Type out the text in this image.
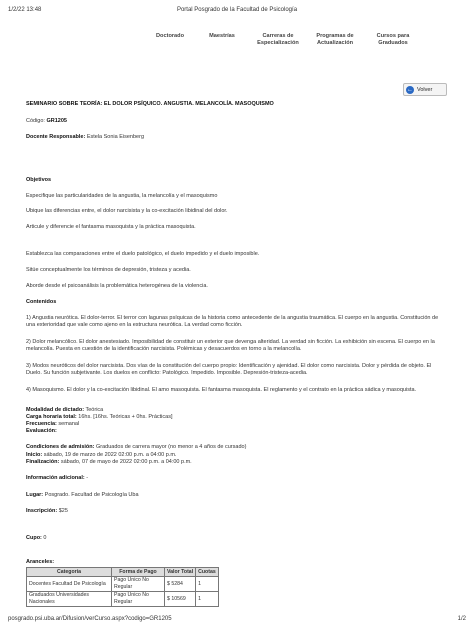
1/2/22 13:48	Portal Posgrado de la Facultad de Psicología
Doctorado	Maestrías	Carreras de Especialización
Programas de Actualización
Cursos para Graduados
← Volver
SEMINARIO SOBRE TEORÍA: EL DOLOR PSÍQUICO. ANGUSTIA. MELANCOLÍA. MASOQUISMO
Código: GR1205
Docente Responsable: Estela Sonia Eisenberg
Objetivos

Especifique las particularidades de la angustia, la melancolía y el masoquismo

Ubique las diferencias entre, el dolor narcisista y la co-excitación libidinal del dolor.

Articule y diferencie el fantasma masoquista y la práctica masoquista.

Establezca las comparaciones entre el duelo patológico, el duelo impedido y el duelo imposible.

Sitúe conceptualmente los términos de depresión, tristeza y acedia.

Aborde desde el psicoanálisis la problemática heterogénea de la violencia.

Contenidos

1) Angustia neurótica. El dolor-terror. El terror con lagunas psíquicas de la historia como antecedente de la angustia traumática. El cuerpo en la angustia. Constitución de una exterioridad que vale como ajeno en la estructura neurótica. La verdad como ficción.

2) Dolor melancólico. El dolor anestesiado. Imposibilidad de constituir un exterior que devenga alteridad. La verdad sin ficción. La exhibición sin escena. El cuerpo en la melancolía. Puesta en cuestión de la identificación narcisista. Polémicas y desacuerdos en torno a la melancolía.

3) Modos neuróticos del dolor narcisista. Dos vías de la constitución del cuerpo propio: Identificación y ajenidad. El dolor como narcisista. Dolor y pérdida de objeto. El Duelo. Su función subjetivante. Los duelos en conflicto: Patológico. Impedido. Imposible. Depresión-tristeza-acedia.

4) Masoquismo. El dolor y la co-excitación libidinal. El amo masoquista. El fantasma masoquista. El reglamento y el contrato en la práctica sádica y masoquista.

Modalidad de dictado: Teórica
Carga horaria total: 16hs. [16hs. Teóricas + 0hs. Prácticas]
Frecuencia: semanal
Evaluación:
Condiciones de admisión: Graduados de carrera mayor (no menor a 4 años de cursado)
Inicio: sábado, 19 de marzo de 2022 02:00 p.m. a 04:00 p.m.
Finalización: sábado, 07 de mayo de 2022 02:00 p.m. a 04:00 p.m.
Información adicional: -
Lugar: Posgrado. Facultad de Psicología Uba
Inscripción: $25
Cupo: 0
Aranceles:
Categoría	Forma de Pago	Valor Total	Cuotas
Docentes Facultad De Psicología	Pago Unico No Regular	$ 5284	1
Graduados Universidades Nacionales	Pago Unico No Regular	$ 10569	1
posgrado.psi.uba.ar/Difusion/verCurso.aspx?codigo=GR1205	1/2
